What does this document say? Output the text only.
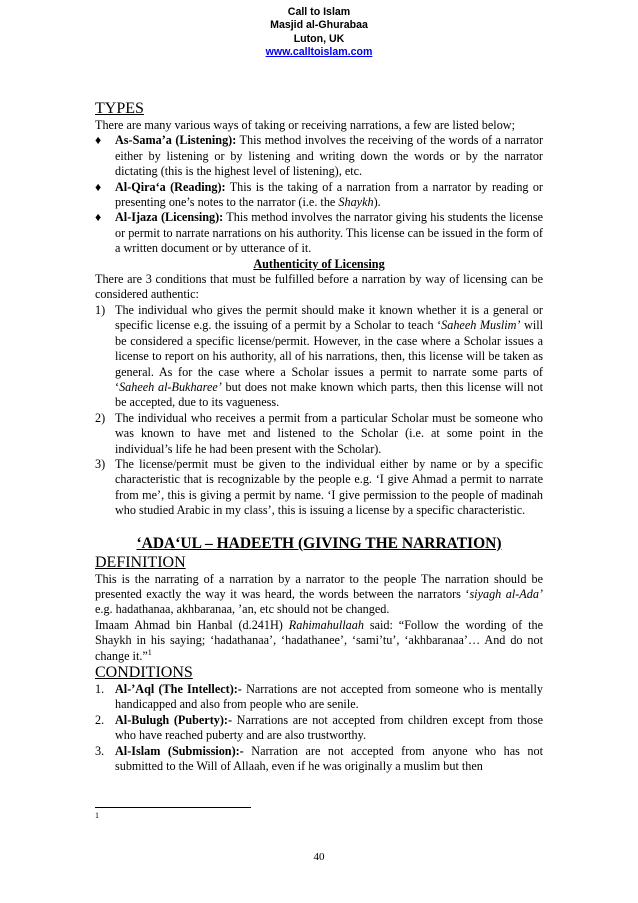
Call to Islam
Masjid al-Ghurabaa
Luton, UK
www.calltoislam.com
TYPES

There are many various ways of taking or receiving narrations, a few are listed below;

♦ As-Sama’a (Listening): This method involves the receiving of the words of a narrator either by listening or by listening and writing down the words or by the narrator dictating (this is the highest level of listening), etc.
♦ Al-Qira‘a (Reading): This is the taking of a narration from a narrator by reading or presenting one’s notes to the narrator (i.e. the Shaykh).
♦ Al-Ijaza (Licensing): This method involves the narrator giving his students the license or permit to narrate narrations on his authority. This license can be issued in the form of a written document or by utterance of it.
Authenticity of Licensing

There are 3 conditions that must be fulfilled before a narration by way of licensing can be considered authentic:

1) The individual who gives the permit should make it known whether it is a general or specific license e.g. the issuing of a permit by a Scholar to teach ‘Saheeh Muslim’ will be considered a specific license/permit. However, in the case where a Scholar issues a license to report on his authority, all of his narrations, then, this license will be taken as general. As for the case where a Scholar issues a permit to narrate some parts of ‘Saheeh al-Bukharee’ but does not make known which parts, then this license will not be accepted, due to its vagueness.
2) The individual who receives a permit from a particular Scholar must be someone who was known to have met and listened to the Scholar (i.e. at some point in the individual’s life he had been present with the Scholar).
3) The license/permit must be given to the individual either by name or by a specific characteristic that is recognizable by the people e.g. ‘I give Ahmad a permit to narrate from me’, this is giving a permit by name. ‘I give permission to the people of madinah who studied Arabic in my class’, this is issuing a license by a specific characteristic.
‘ADA‘UL – HADEETH (GIVING THE NARRATION)
DEFINITION

This is the narrating of a narration by a narrator to the people The narration should be presented exactly the way it was heard, the words between the narrators ‘siyagh al-Ada’ e.g. hadathanaa, akhbaranaa, ’an, etc should not be changed.

Imaam Ahmad bin Hanbal (d.241H) Rahimahullaah said: “Follow the wording of the Shaykh in his saying; ‘hadathanaa’, ‘hadathanee’, ‘sami’tu’, ‘akhbaranaa’… And do not change it.”$^1$

CONDITIONS
1. Al-’Aql (The Intellect):- Narrations are not accepted from someone who is mentally handicapped and also from people who are senile.
2. Al-Bulugh (Puberty):- Narrations are not accepted from children except from those who have reached puberty and are also trustworthy.
3. Al-Islam (Submission):- Narration are not accepted from anyone who has not submitted to the Will of Allaah, even if he was originally a muslim but then
1
40
